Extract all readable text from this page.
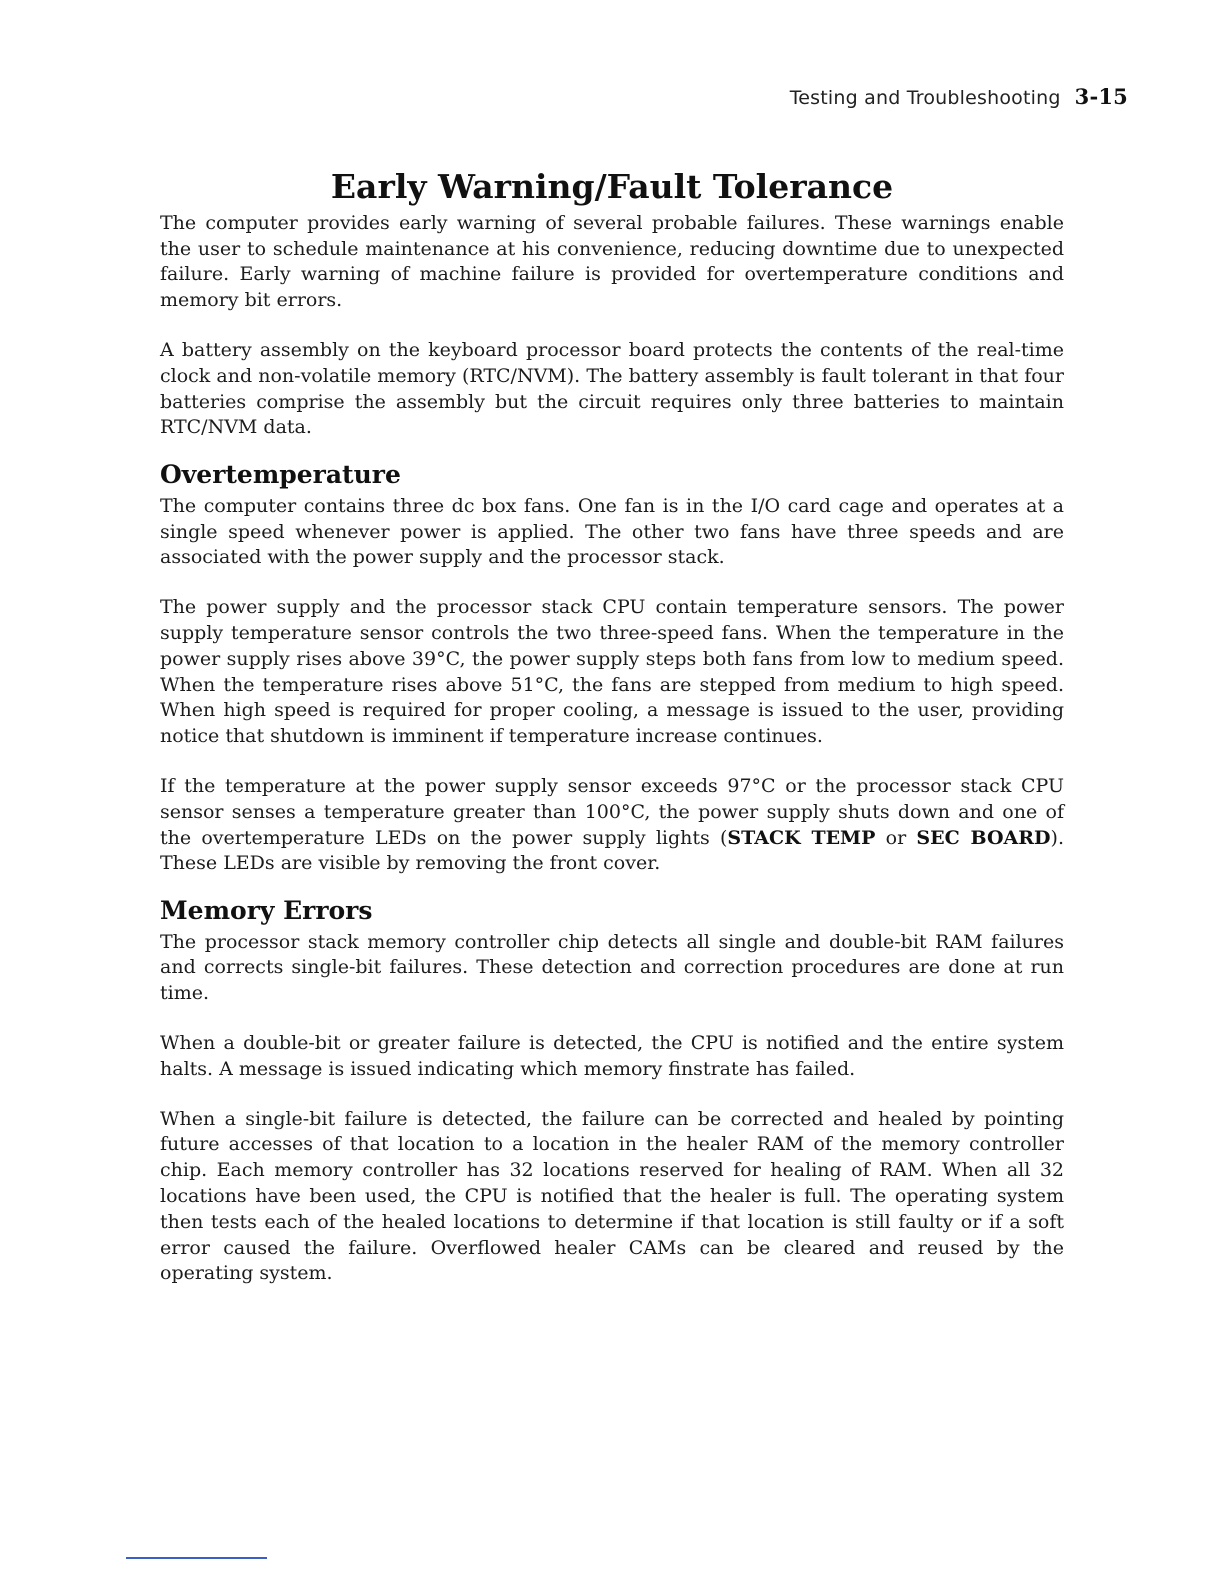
Testing and Troubleshooting 3-15
Early Warning/Fault Tolerance

The computer provides early warning of several probable failures. These warnings enable the user to schedule maintenance at his convenience, reducing downtime due to unexpected failure. Early warning of machine failure is provided for overtemperature conditions and memory bit errors.

A battery assembly on the keyboard processor board protects the contents of the real-time clock and non-volatile memory (RTC/NVM). The battery assembly is fault tolerant in that four batteries comprise the assembly but the circuit requires only three batteries to maintain RTC/NVM data.

Overtemperature

The computer contains three dc box fans. One fan is in the I/O card cage and operates at a single speed whenever power is applied. The other two fans have three speeds and are associated with the power supply and the processor stack.

The power supply and the processor stack CPU contain temperature sensors. The power supply temperature sensor controls the two three-speed fans. When the temperature in the power supply rises above 39°C, the power supply steps both fans from low to medium speed. When the temperature rises above 51°C, the fans are stepped from medium to high speed. When high speed is required for proper cooling, a message is issued to the user, providing notice that shutdown is imminent if temperature increase continues.

If the temperature at the power supply sensor exceeds 97°C or the processor stack CPU sensor senses a temperature greater than 100°C, the power supply shuts down and one of the overtemperature LEDs on the power supply lights (STACK TEMP or SEC BOARD). These LEDs are visible by removing the front cover.

Memory Errors

The processor stack memory controller chip detects all single and double-bit RAM failures and corrects single-bit failures. These detection and correction procedures are done at run time.

When a double-bit or greater failure is detected, the CPU is notified and the entire system halts. A message is issued indicating which memory finstrate has failed.

When a single-bit failure is detected, the failure can be corrected and healed by pointing future accesses of that location to a location in the healer RAM of the memory controller chip. Each memory controller has 32 locations reserved for healing of RAM. When all 32 locations have been used, the CPU is notified that the healer is full. The operating system then tests each of the healed locations to determine if that location is still faulty or if a soft error caused the failure. Overflowed healer CAMs can be cleared and reused by the operating system.
